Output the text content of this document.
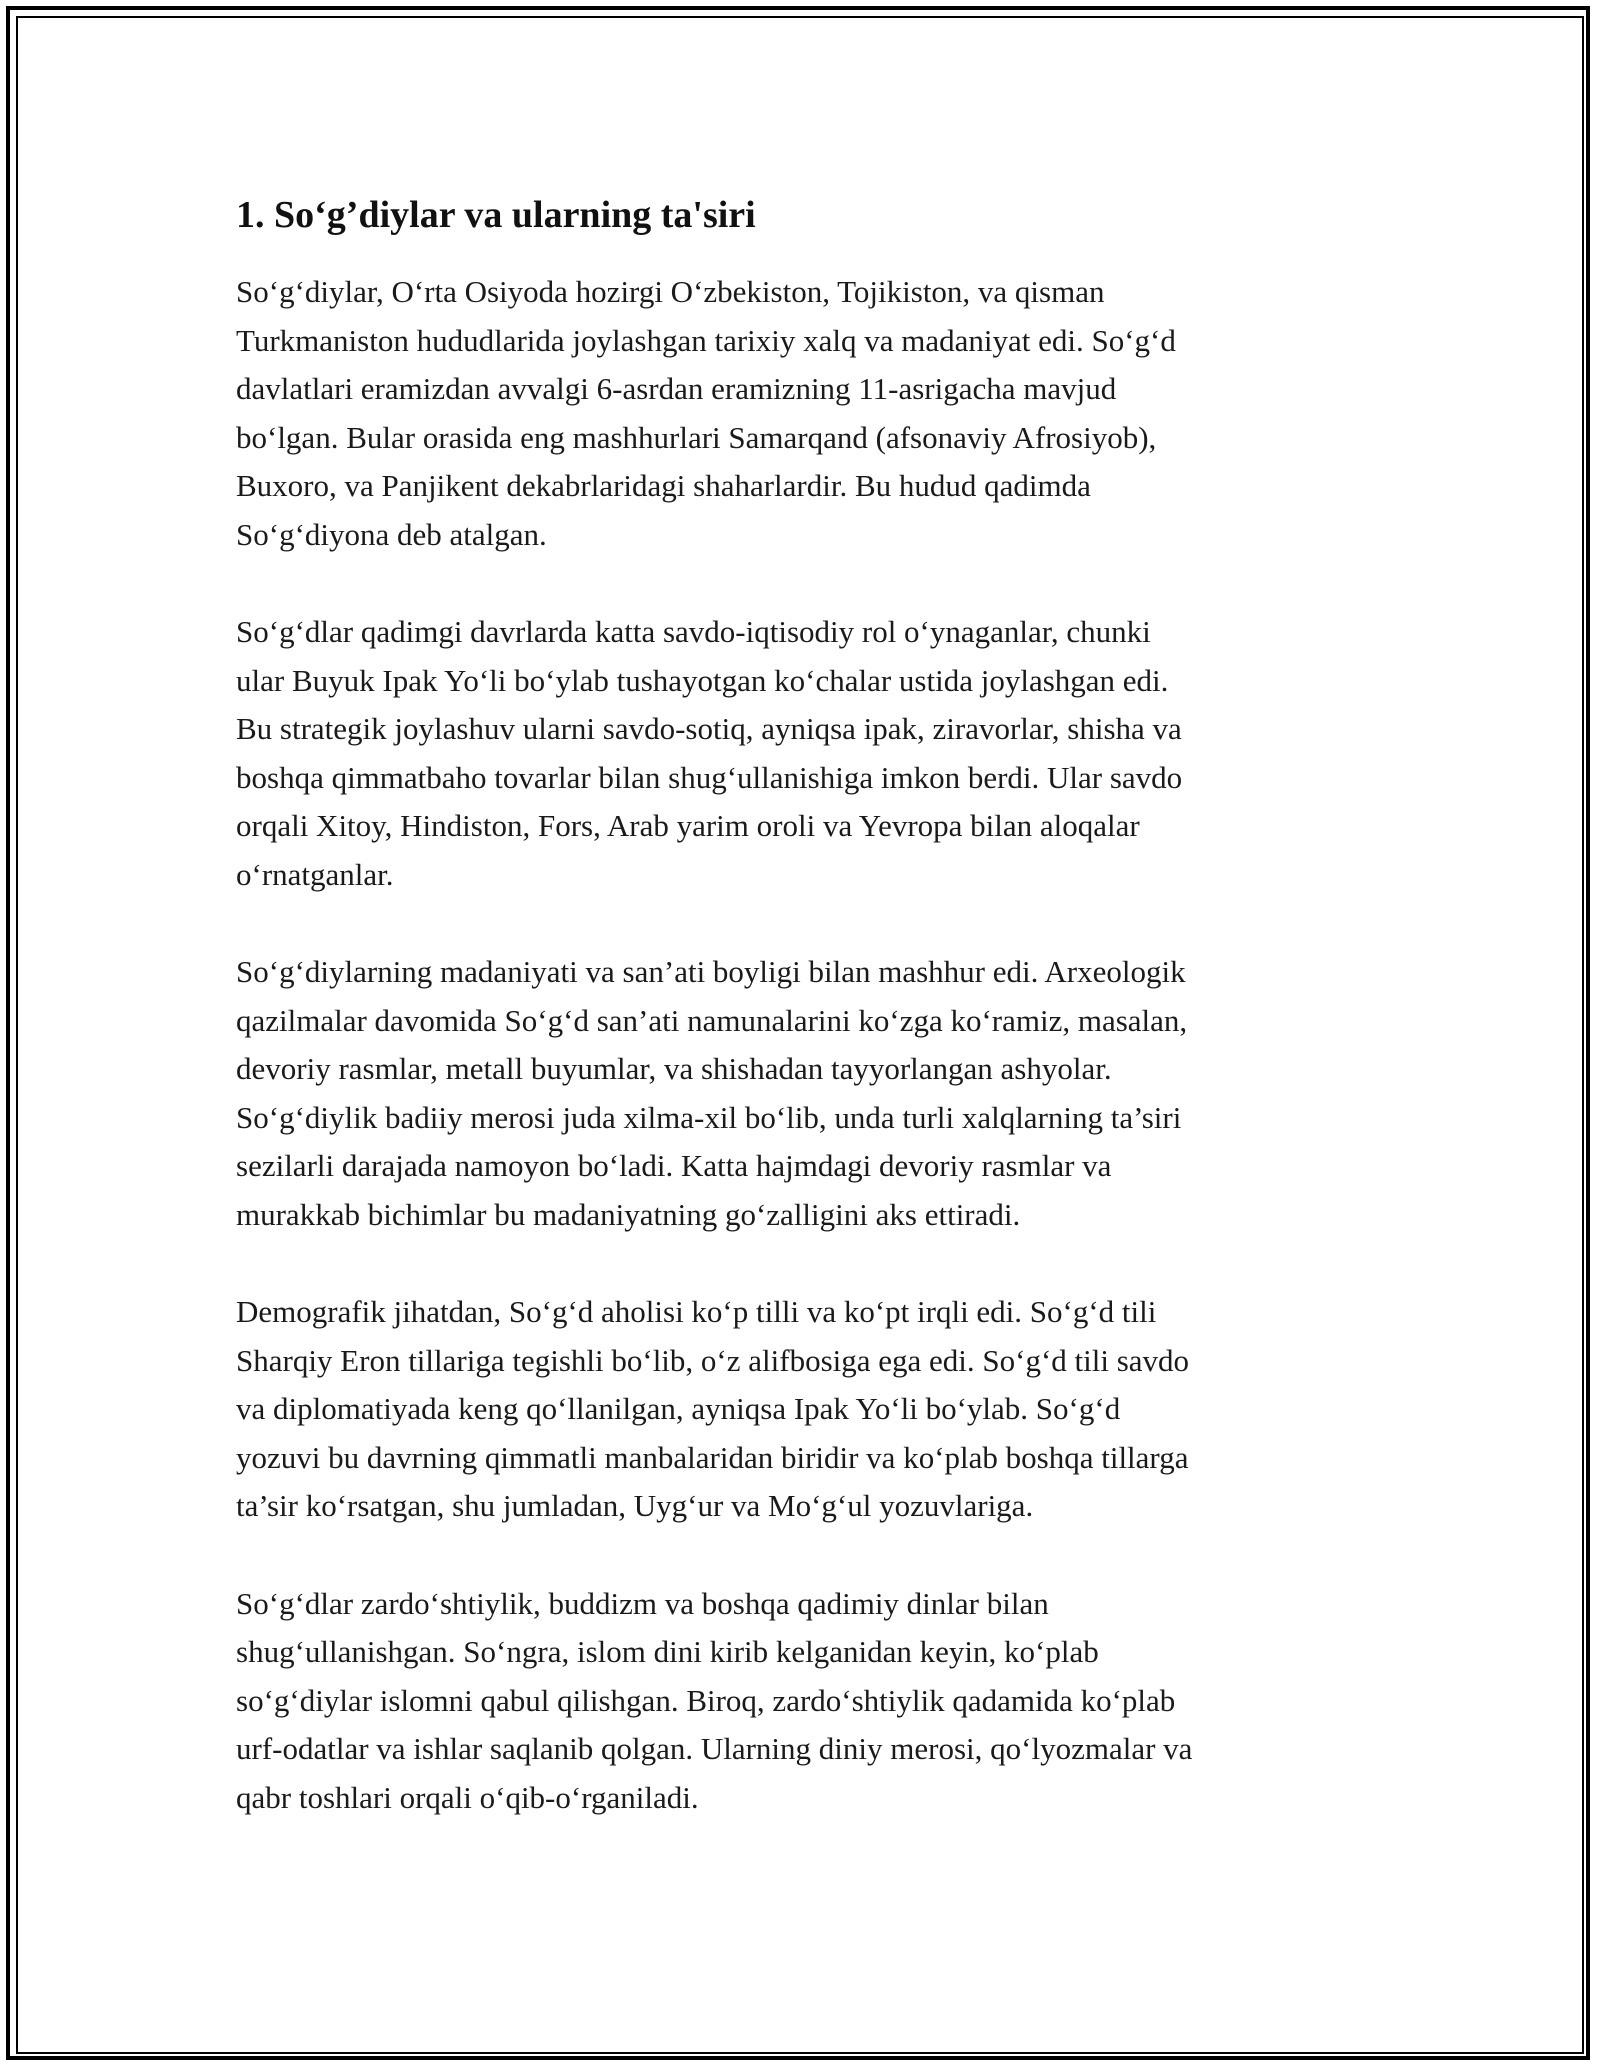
1. So‘g’diylar va ularning ta'siri

So‘g‘diylar, O‘rta Osiyoda hozirgi O‘zbekiston, Tojikiston, va qisman
Turkmaniston hududlarida joylashgan tarixiy xalq va madaniyat edi. So‘g‘d
davlatlari eramizdan avvalgi 6-asrdan eramizning 11-asrigacha mavjud
bo‘lgan. Bular orasida eng mashhurlari Samarqand (afsonaviy Afrosiyob),
Buxoro, va Panjikent dekabrlaridagi shaharlardir. Bu hudud qadimda
So‘g‘diyona deb atalgan.

So‘g‘dlar qadimgi davrlarda katta savdo-iqtisodiy rol o‘ynaganlar, chunki
ular Buyuk Ipak Yo‘li bo‘ylab tushayotgan ko‘chalar ustida joylashgan edi.
Bu strategik joylashuv ularni savdo-sotiq, ayniqsa ipak, ziravorlar, shisha va
boshqa qimmatbaho tovarlar bilan shug‘ullanishiga imkon berdi. Ular savdo
orqali Xitoy, Hindiston, Fors, Arab yarim oroli va Yevropa bilan aloqalar
o‘rnatganlar.

So‘g‘diylarning madaniyati va san’ati boyligi bilan mashhur edi. Arxeologik
qazilmalar davomida So‘g‘d san’ati namunalarini ko‘zga ko‘ramiz, masalan,
devoriy rasmlar, metall buyumlar, va shishadan tayyorlangan ashyolar.
So‘g‘diylik badiiy merosi juda xilma-xil bo‘lib, unda turli xalqlarning ta’siri
sezilarli darajada namoyon bo‘ladi. Katta hajmdagi devoriy rasmlar va
murakkab bichimlar bu madaniyatning go‘zalligini aks ettiradi.

Demografik jihatdan, So‘g‘d aholisi ko‘p tilli va ko‘pt irqli edi. So‘g‘d tili
Sharqiy Eron tillariga tegishli bo‘lib, o‘z alifbosiga ega edi. So‘g‘d tili savdo
va diplomatiyada keng qo‘llanilgan, ayniqsa Ipak Yo‘li bo‘ylab. So‘g‘d
yozuvi bu davrning qimmatli manbalaridan biridir va ko‘plab boshqa tillarga
ta’sir ko‘rsatgan, shu jumladan, Uyg‘ur va Mo‘g‘ul yozuvlariga.

So‘g‘dlar zardo‘shtiylik, buddizm va boshqa qadimiy dinlar bilan
shug‘ullanishgan. So‘ngra, islom dini kirib kelganidan keyin, ko‘plab
so‘g‘diylar islomni qabul qilishgan. Biroq, zardo‘shtiylik qadamida ko‘plab
urf-odatlar va ishlar saqlanib qolgan. Ularning diniy merosi, qo‘lyozmalar va
qabr toshlari orqali o‘qib-o‘rganiladi.
